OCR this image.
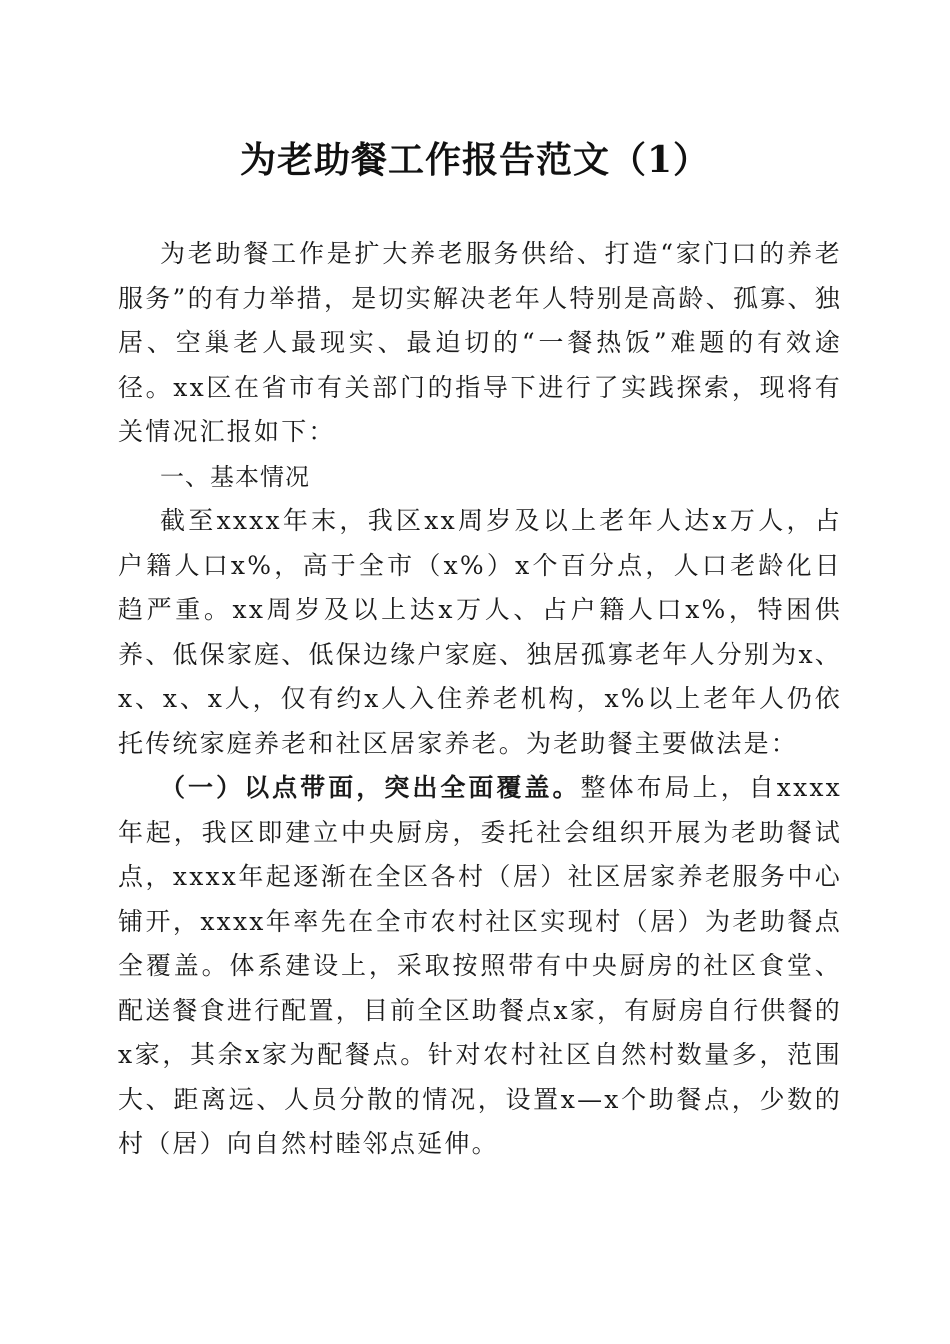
为老助餐工作报告范文（1）

为老助餐工作是扩大养老服务供给、打造“家门口的养老服务”的有力举措，是切实解决老年人特别是高龄、孤寡、独居、空巢老人最现实、最迫切的“一餐热饭”难题的有效途径。xx区在省市有关部门的指导下进行了实践探索，现将有关情况汇报如下：

一、基本情况

截至xxxx年末，我区xx周岁及以上老年人达x万人，占户籍人口x%，高于全市（x%）x个百分点，人口老龄化日趋严重。xx周岁及以上达x万人、占户籍人口x%，特困供养、低保家庭、低保边缘户家庭、独居孤寡老年人分别为x、x、x、x人，仅有约x人入住养老机构，x%以上老年人仍依托传统家庭养老和社区居家养老。为老助餐主要做法是：

（一）以点带面，突出全面覆盖。整体布局上，自xxxx年起，我区即建立中央厨房，委托社会组织开展为老助餐试点，xxxx年起逐渐在全区各村（居）社区居家养老服务中心铺开，xxxx年率先在全市农村社区实现村（居）为老助餐点全覆盖。体系建设上，采取按照带有中央厨房的社区食堂、配送餐食进行配置，目前全区助餐点x家，有厨房自行供餐的x家，其余x家为配餐点。针对农村社区自然村数量多，范围大、距离远、人员分散的情况，设置x—x个助餐点，少数的村（居）向自然村睦邻点延伸。
